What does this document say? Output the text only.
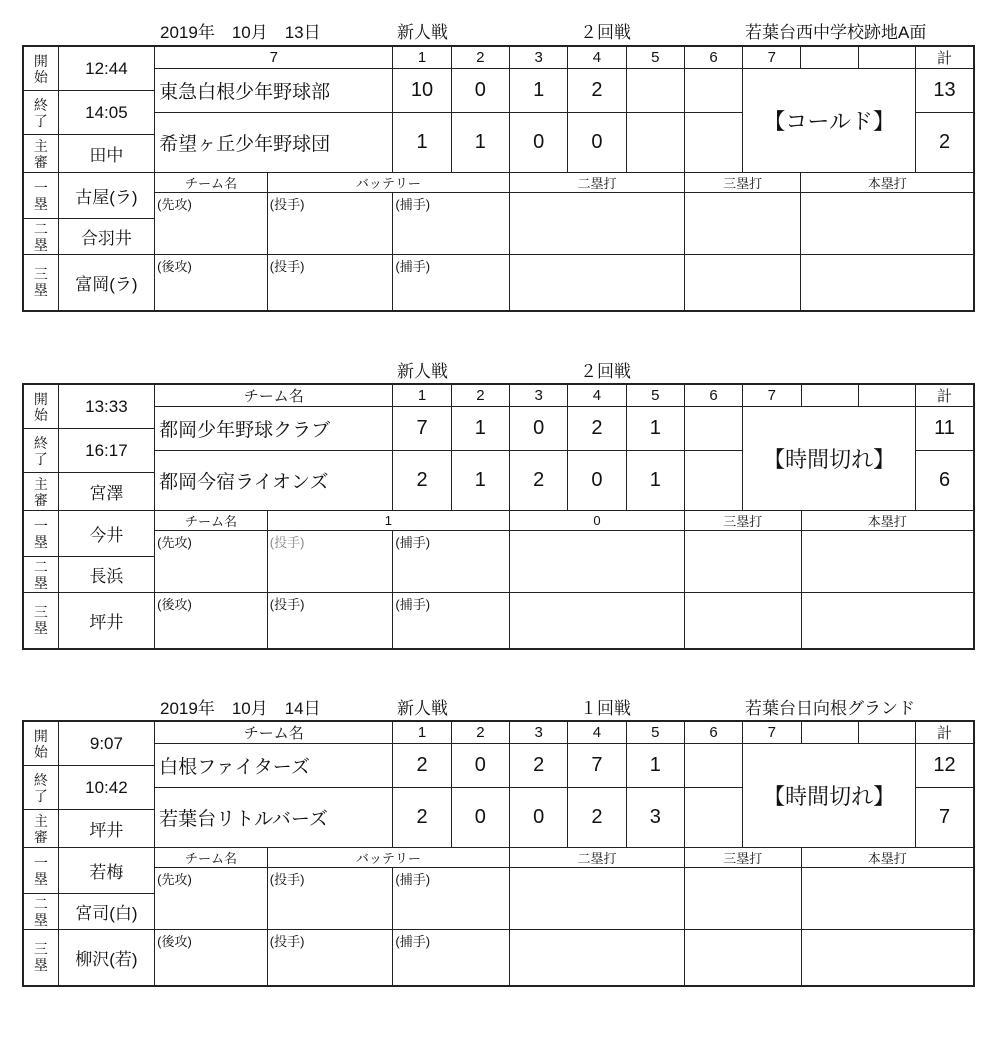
2019年　10月　13日	新人戦	２回戦	若葉台西中学校跡地A面
新人戦	２回戦
2019年　10月　14日	新人戦	１回戦	若葉台日向根グランド
開
始	12:44	7		1	2	3	4	5	6	7			計
		東急白根少年野球部		10	0	1	2			【コールド】			13

終
了	14:05												
		希望ヶ丘少年野球団		1	1	0	0						2

主
審	田中												

一
塁	古屋(ラ)	チーム名	バッテリー			二塁打			三塁打		本塁打		
		(先攻)	(投手)	(捕手)									

二
塁	合羽井												

三
塁	富岡(ラ)	(後攻)	(投手)	(捕手)									
開
始	13:33	チーム名		1	2	3	4	5	6	7			計
		都岡少年野球クラブ		7	1	0	2	1		【時間切れ】			11

終
了	16:17												
		都岡今宿ライオンズ		2	1	2	0	1					6

主
審	宮澤												

一
塁	今井	チーム名	1			0			三塁打		本塁打		
		(先攻)	(投手)	(捕手)									

二
塁	長浜												

三
塁	坪井	(後攻)	(投手)	(捕手)									
開
始	9:07	チーム名		1	2	3	4	5	6	7			計
		白根ファイターズ		2	0	2	7	1		【時間切れ】			12

終
了	10:42												
		若葉台リトルバーズ		2	0	0	2	3					7

主
審	坪井												

一
塁	若梅	チーム名	バッテリー			二塁打			三塁打		本塁打		
		(先攻)	(投手)	(捕手)									

二
塁	宮司(白)												

三
塁	柳沢(若)	(後攻)	(投手)	(捕手)									
